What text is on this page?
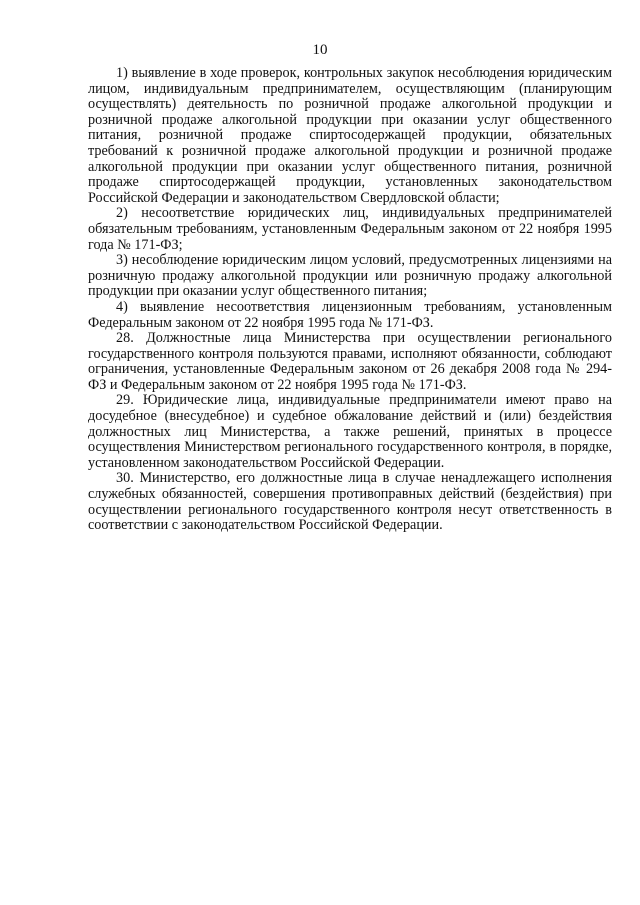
10

1) выявление в ходе проверок, контрольных закупок несоблюдения юридическим лицом, индивидуальным предпринимателем, осуществляющим (планирующим осуществлять) деятельность по розничной продаже алкогольной продукции и розничной продаже алкогольной продукции при оказании услуг общественного питания, розничной продаже спиртосодержащей продукции, обязательных требований к розничной продаже алкогольной продукции и розничной продаже алкогольной продукции при оказании услуг общественного питания, розничной продаже спиртосодержащей продукции, установленных законодательством Российской Федерации и законодательством Свердловской области;

2) несоответствие юридических лиц, индивидуальных предпринимателей обязательным требованиям, установленным Федеральным законом от 22 ноября 1995 года № 171-ФЗ;

3) несоблюдение юридическим лицом условий, предусмотренных лицензиями на розничную продажу алкогольной продукции или розничную продажу алкогольной продукции при оказании услуг общественного питания;

4) выявление несоответствия лицензионным требованиям, установленным Федеральным законом от 22 ноября 1995 года № 171-ФЗ.

28. Должностные лица Министерства при осуществлении регионального государственного контроля пользуются правами, исполняют обязанности, соблюдают ограничения, установленные Федеральным законом от 26 декабря 2008 года № 294-ФЗ и Федеральным законом от 22 ноября 1995 года № 171-ФЗ.

29. Юридические лица, индивидуальные предприниматели имеют право на досудебное (внесудебное) и судебное обжалование действий и (или) бездействия должностных лиц Министерства, а также решений, принятых в процессе осуществления Министерством регионального государственного контроля, в порядке, установленном законодательством Российской Федерации.

30. Министерство, его должностные лица в случае ненадлежащего исполнения служебных обязанностей, совершения противоправных действий (бездействия) при осуществлении регионального государственного контроля несут ответственность в соответствии с законодательством Российской Федерации.
